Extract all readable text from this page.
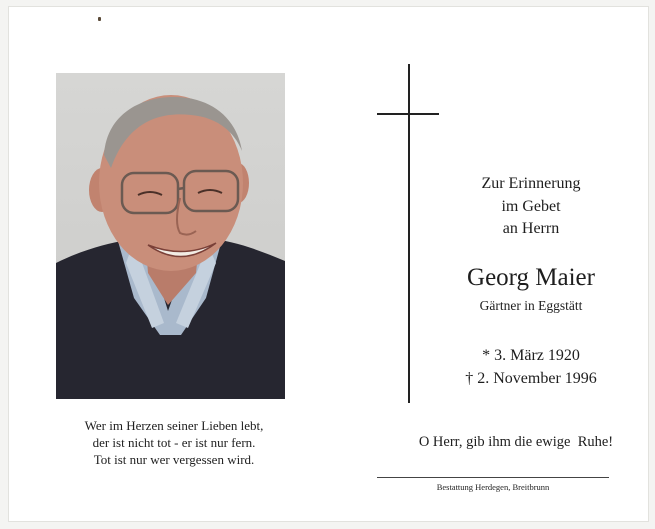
Wer im Herzen seiner Lieben lebt,
der ist nicht tot - er ist nur fern.
Tot ist nur wer vergessen wird.
Zur Erinnerung
im Gebet
an Herrn
Georg Maier
Gärtner in Eggstätt
* 3. März 1920
† 2. November 1996
O Herr, gib ihm die ewige  Ruhe!
Bestattung Herdegen, Breitbrunn
